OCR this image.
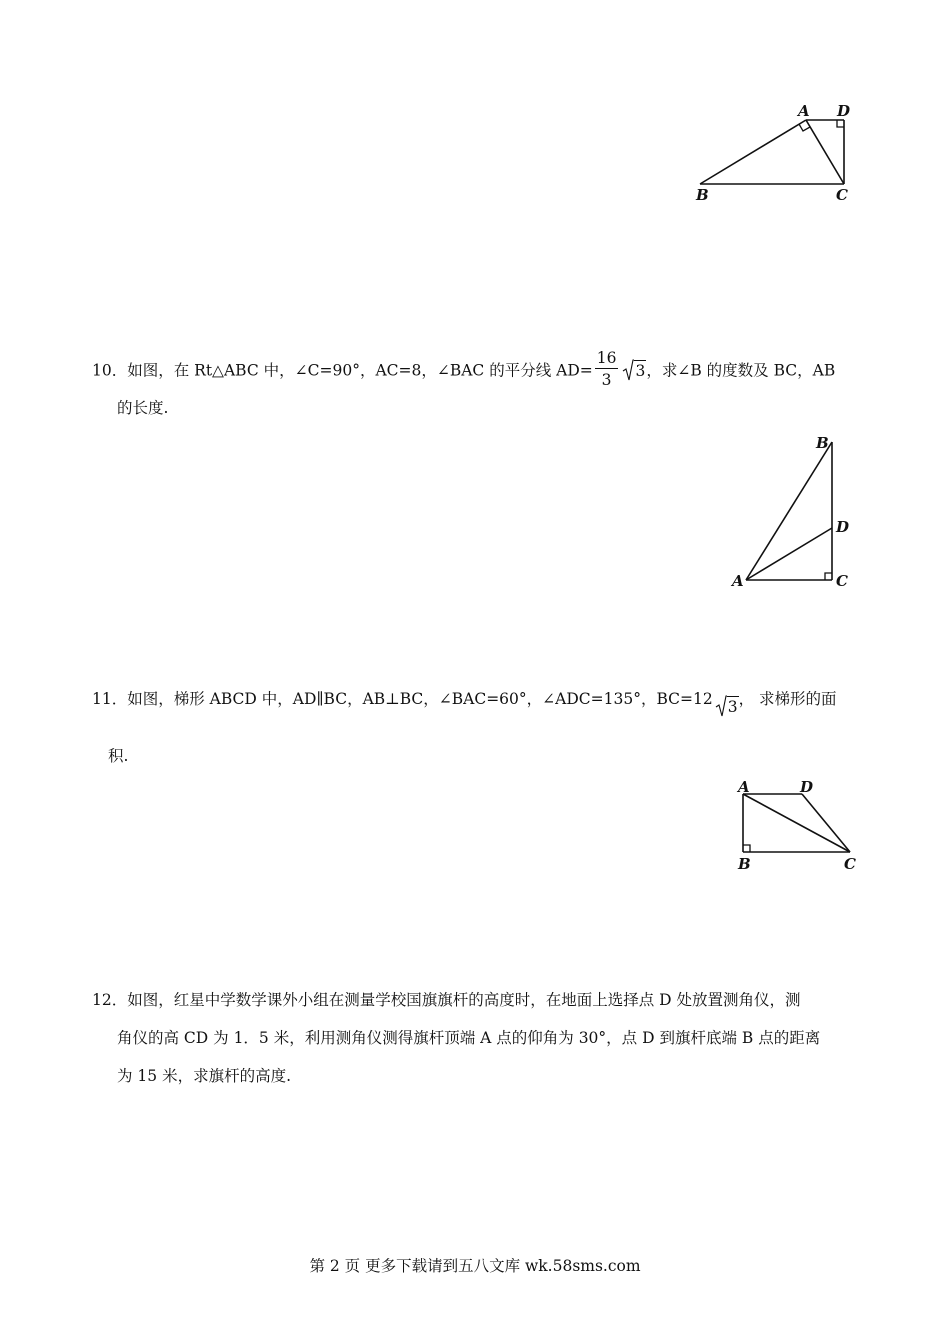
A D
B	C
10．如图，在 Rt△ABC 中，∠C=90°，AC=8，∠BAC 的平分线 $AD= \frac{16}{3} 3$，求∠B 的度数及 BC，AB
的长度.
B
D
A	C
11．如图，梯形 ABCD 中，AD∥BC，AB⊥BC，∠BAC=60°，∠ADC=135°，BC=12 3， 求梯形的面
积.
A	D
B	C
12．如图，红星中学数学课外小组在测量学校国旗旗杆的高度时，在地面上选择点 D 处放置测角仪，测
角仪的高 CD 为 1．5 米，利用测角仪测得旗杆顶端 A 点的仰角为 30°，点 D 到旗杆底端 B 点的距离
为 15 米，求旗杆的高度.
第 2 页 更多下载请到五八文库 wk.58sms.com
